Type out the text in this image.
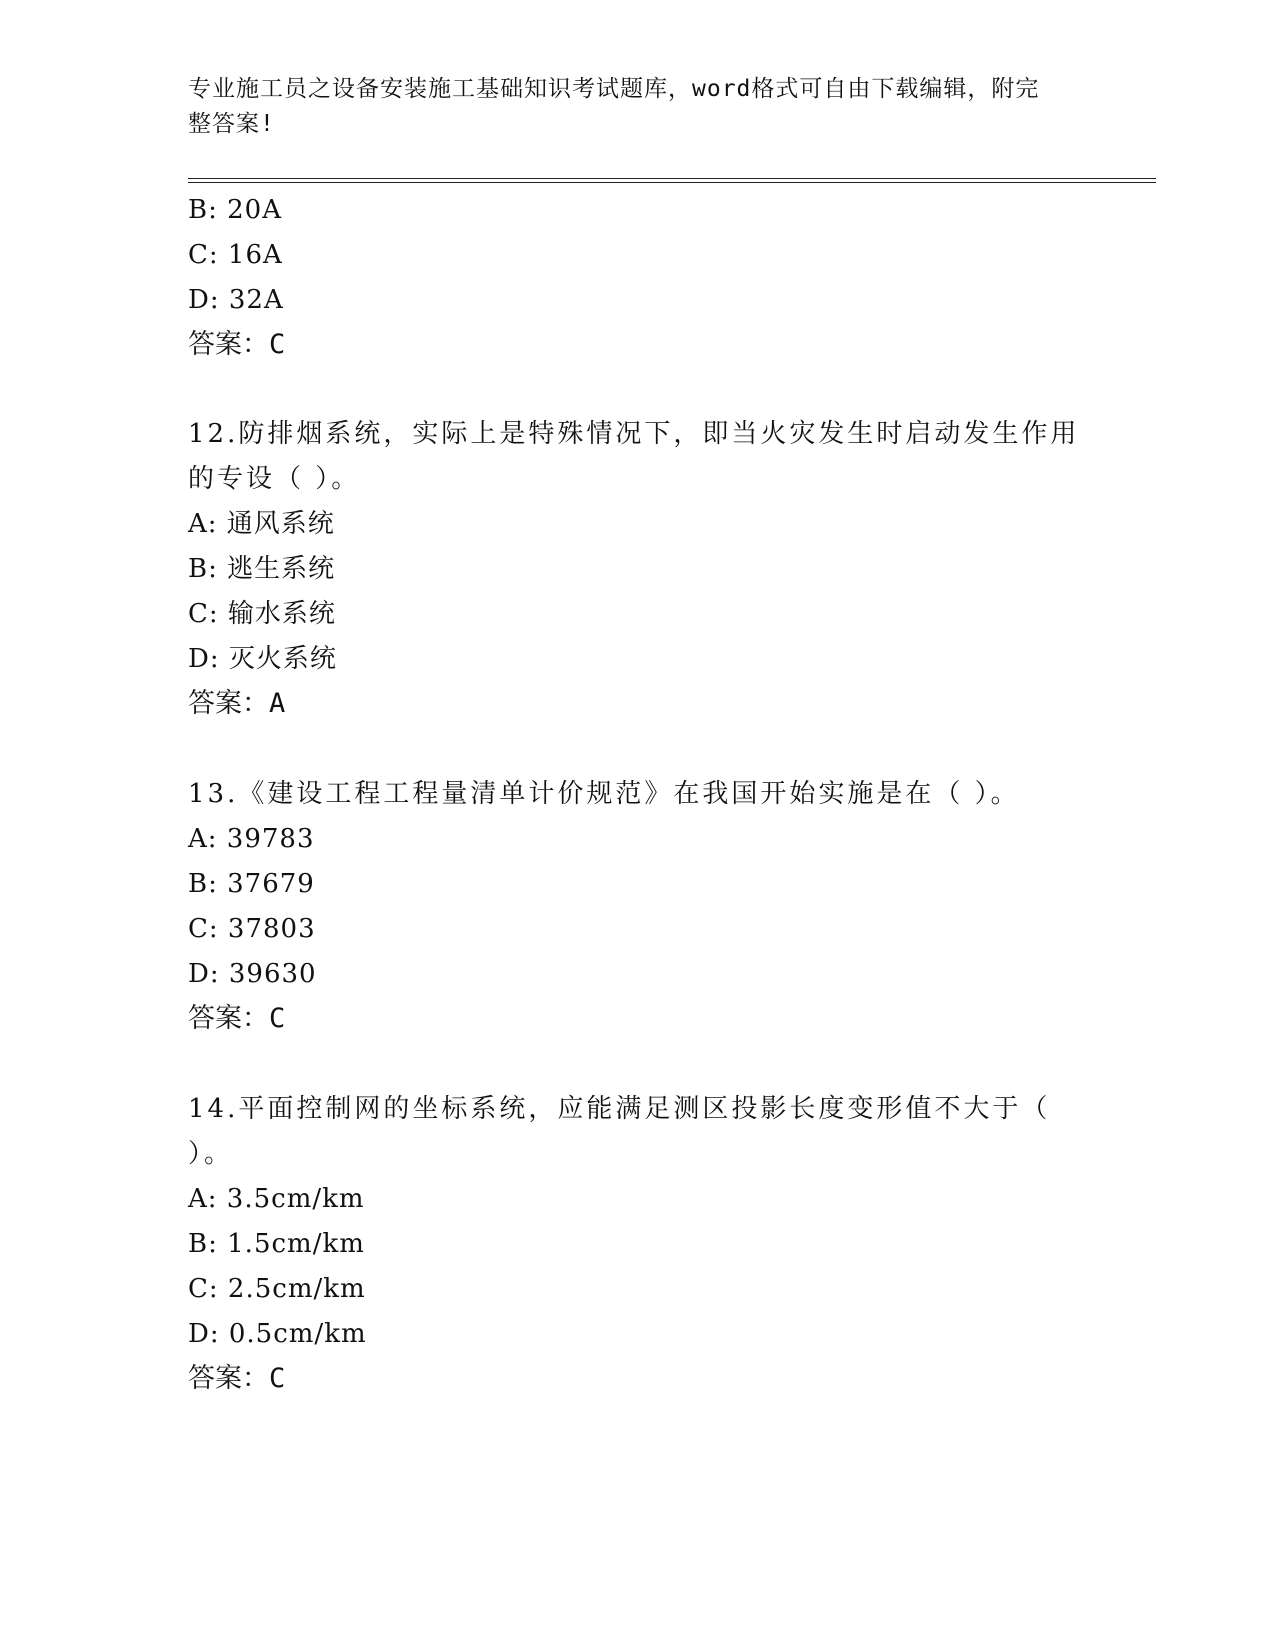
专业施工员之设备安装施工基础知识考试题库，word格式可自由下载编辑，附完
整答案!
B: 20A
C: 16A
D: 32A
答案：C
12.防排烟系统，实际上是特殊情况下，即当火灾发生时启动发生作用
的专设（ ）。
A: 通风系统
B: 逃生系统
C: 输水系统
D: 灭火系统
答案：A
13.《建设工程工程量清单计价规范》在我国开始实施是在（ ）。
A: 39783
B: 37679
C: 37803
D: 39630
答案：C
14.平面控制网的坐标系统，应能满足测区投影长度变形值不大于（
）。
A: 3.5cm/km
B: 1.5cm/km
C: 2.5cm/km
D: 0.5cm/km
答案：C
